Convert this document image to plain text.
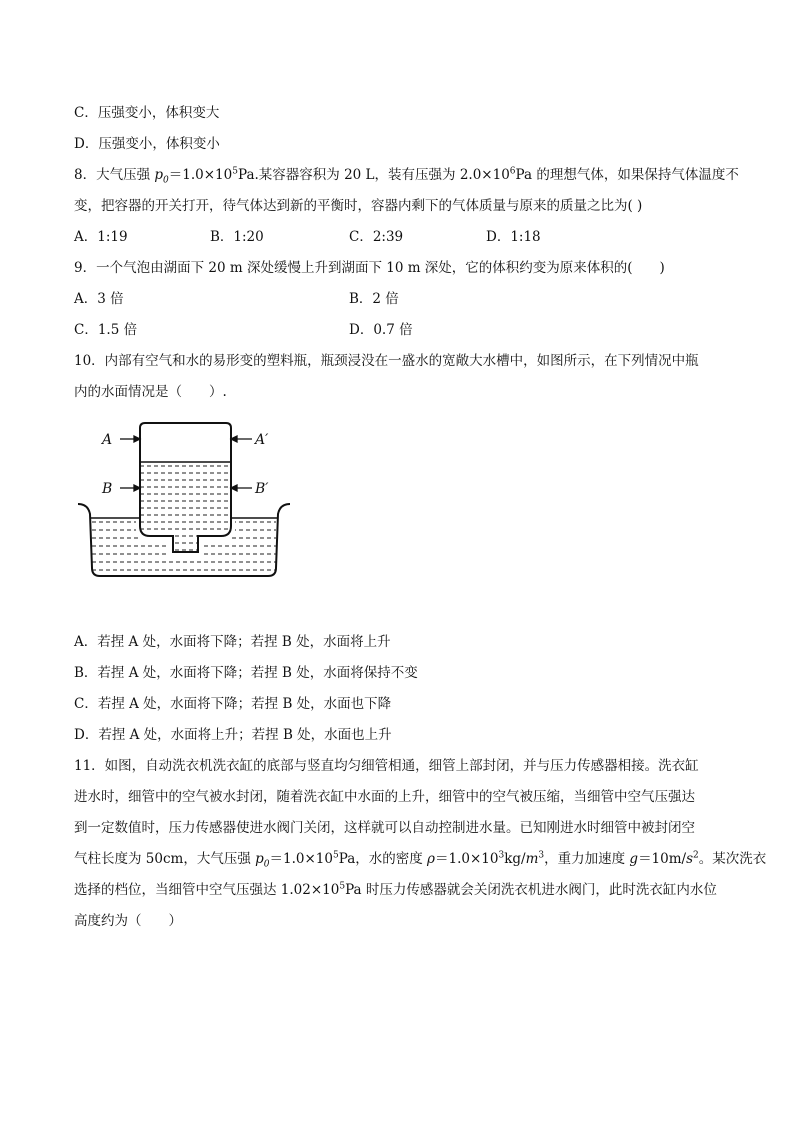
C．压强变小，体积变大
D．压强变小，体积变小
8．大气压强 $p_0=1.0\times 10^5Pa$.某容器容积为 20 L，装有压强为 $2.0\times 10^6Pa$ 的理想气体，如果保持气体温度不
变，把容器的开关打开，待气体达到新的平衡时，容器内剩下的气体质量与原来的质量之比为( )
A．1:19	B．1:20	C．2:39	D．1:18
9．一个气泡由湖面下 20 m 深处缓慢上升到湖面下 10 m 深处，它的体积约变为原来体积的(　　)
A．3 倍	B．2 倍
C．1.5 倍	D．0.7 倍
10．内部有空气和水的易形变的塑料瓶，瓶颈浸没在一盛水的宽敞大水槽中，如图所示，在下列情况中瓶
内的水面情况是（　　）.
A	A′
B	B′
A．若捏 A 处，水面将下降；若捏 B 处，水面将上升
B．若捏 A 处，水面将下降；若捏 B 处，水面将保持不变
C．若捏 A 处，水面将下降；若捏 B 处，水面也下降
D．若捏 A 处，水面将上升；若捏 B 处，水面也上升
11．如图，自动洗衣机洗衣缸的底部与竖直均匀细管相通，细管上部封闭，并与压力传感器相接。洗衣缸
进水时，细管中的空气被水封闭，随着洗衣缸中水面的上升，细管中的空气被压缩，当细管中空气压强达
到一定数值时，压力传感器使进水阀门关闭，这样就可以自动控制进水量。已知刚进水时细管中被封闭空
气柱长度为 50cm，大气压强 $p_0=1.0\times 10^5Pa$，水的密度 $\rho=1.0\times 10^3kg/m^3$，重力加速度 $g=10m/s^2$。某次洗衣
选择的档位，当细管中空气压强达 $1.02\times 10^5Pa$ 时压力传感器就会关闭洗衣机进水阀门，此时洗衣缸内水位
高度约为（　　）
